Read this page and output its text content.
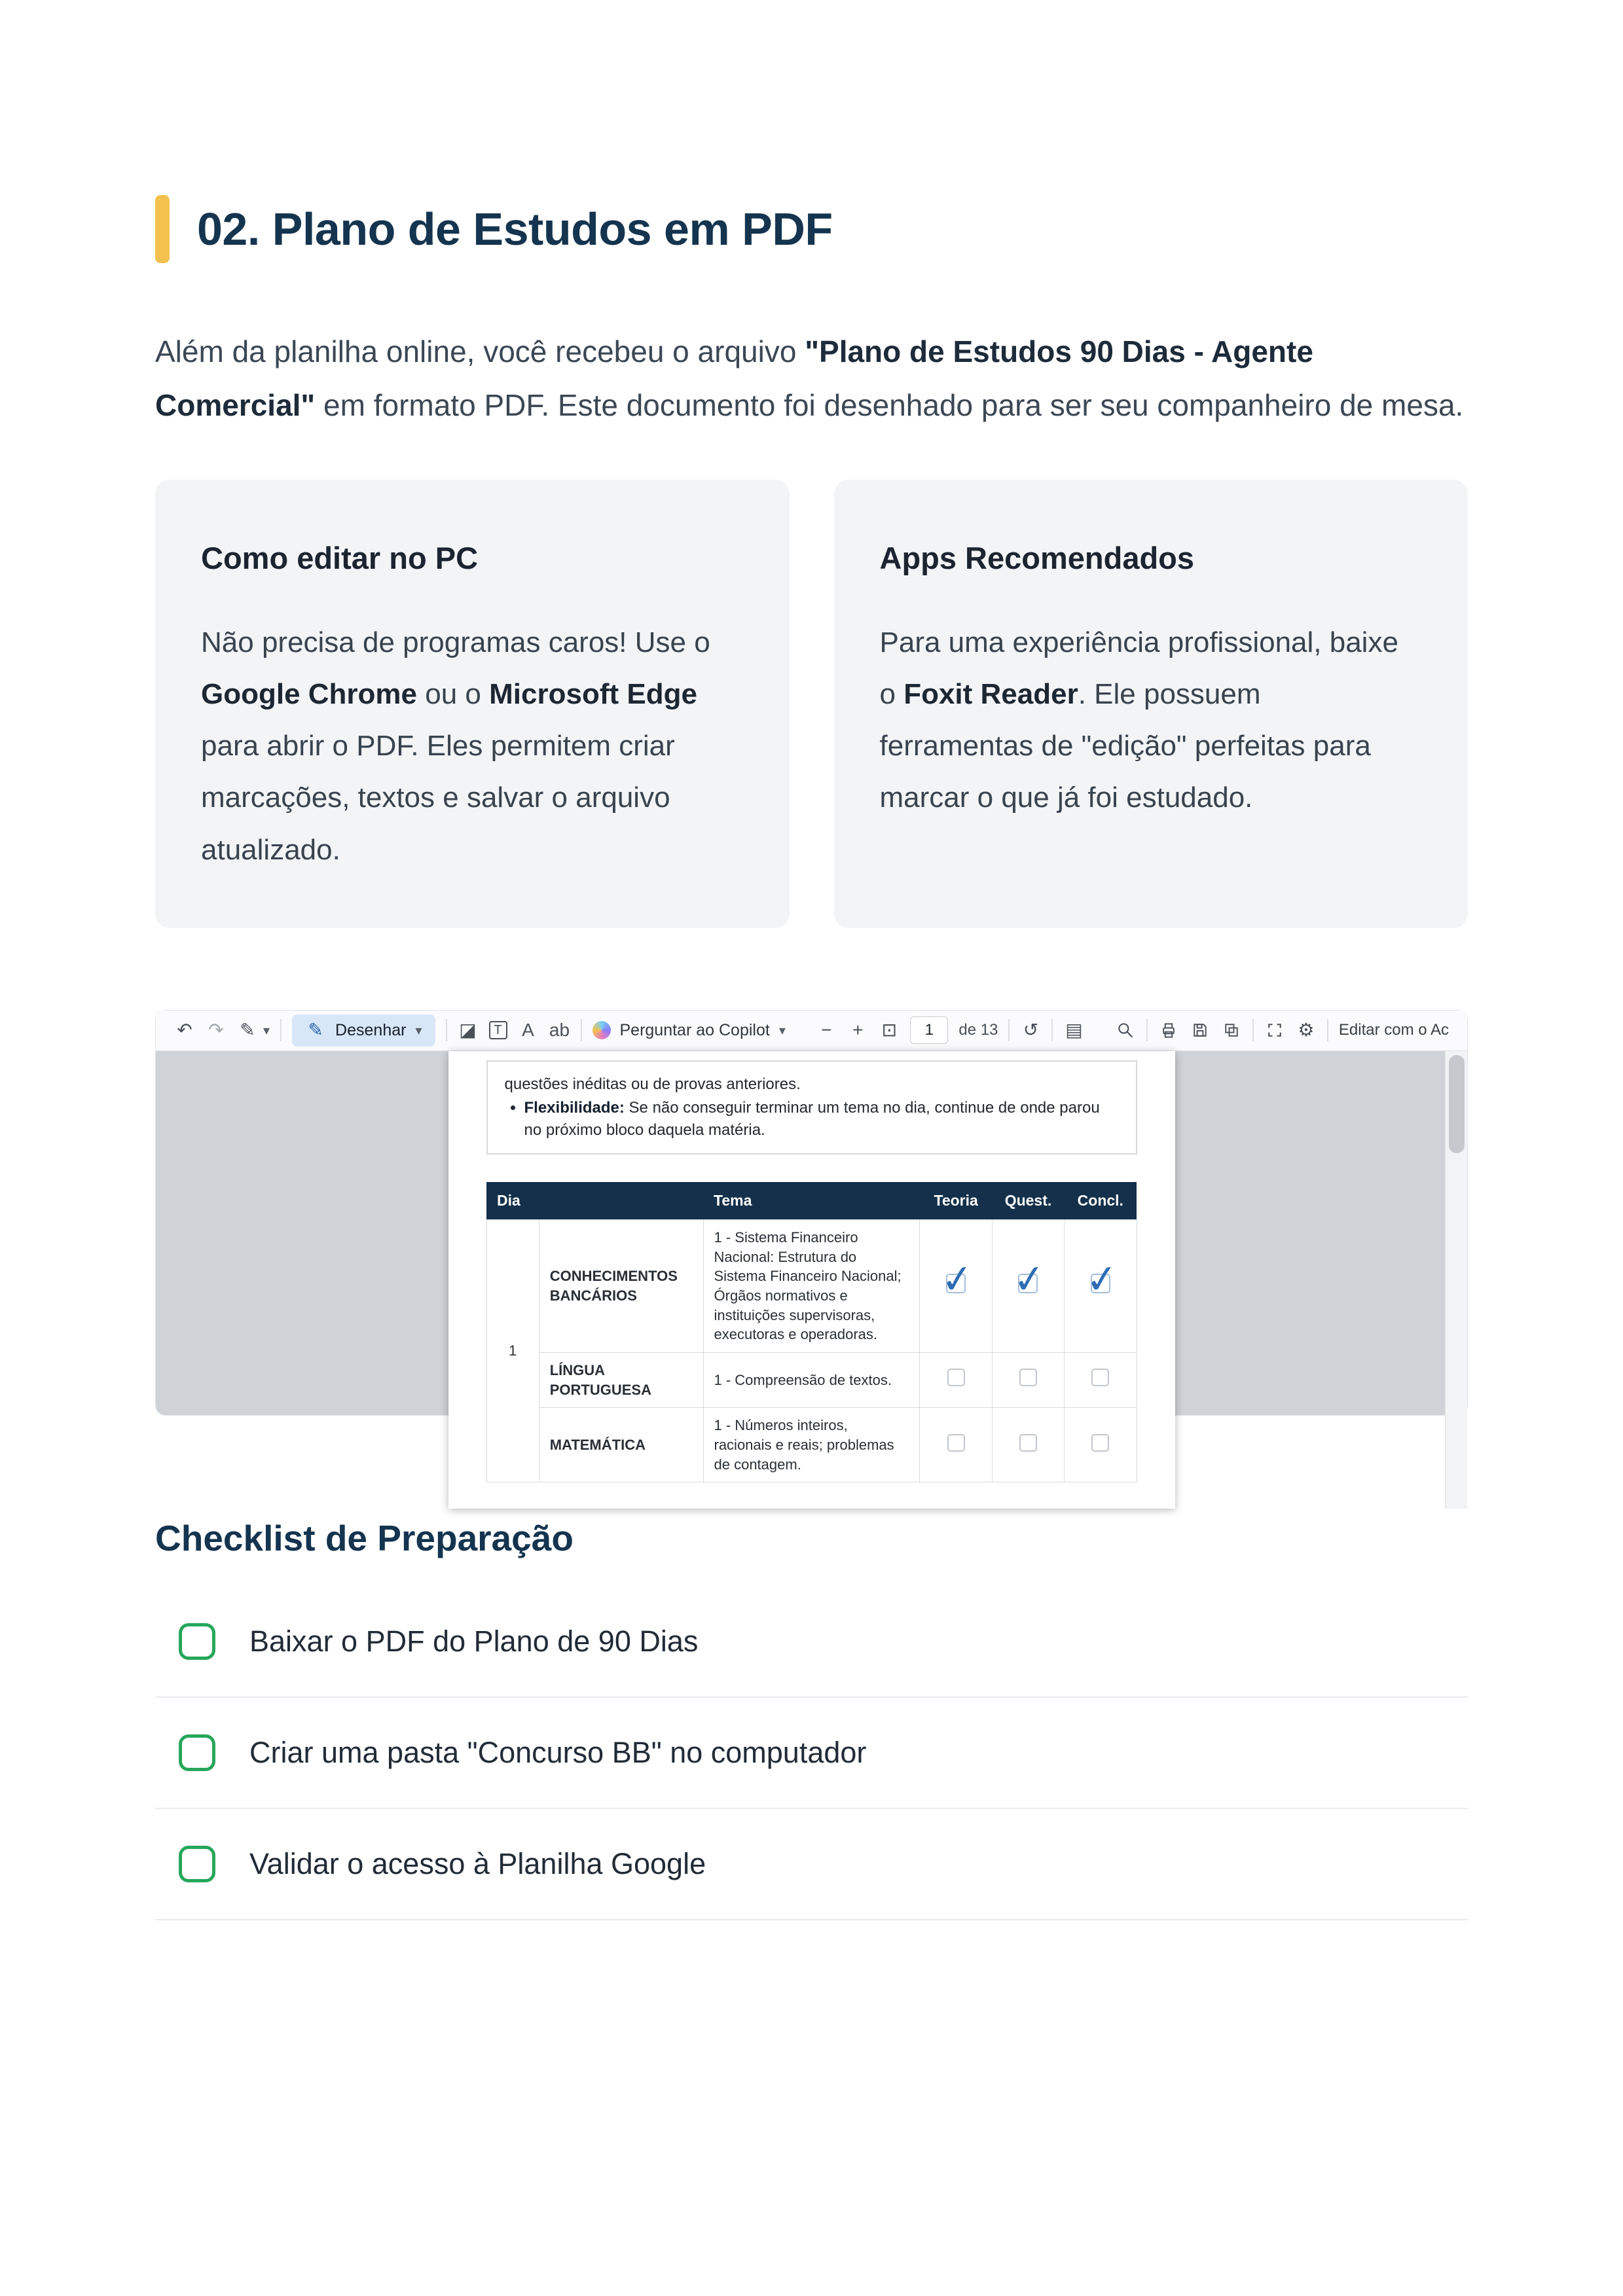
02. Plano de Estudos em PDF

Além da planilha online, você recebeu o arquivo "Plano de Estudos 90 Dias - Agente Comercial" em formato PDF. Este documento foi desenhado para ser seu companheiro de mesa.

Como editar no PC

Não precisa de programas caros! Use o Google Chrome ou o Microsoft Edge para abrir o PDF. Eles permitem criar marcações, textos e salvar o arquivo atualizado.

Apps Recomendados

Para uma experiência profissional, baixe o Foxit Reader. Ele possuem ferramentas de "edição" perfeitas para marcar o que já foi estudado.

↶ ↷ ✎ ▾ ✎ Desenhar ▾ ◪	T A ab	Perguntar ao Copilot ▾ − + ⊡	1	de 13 ↺ ▤	⚙ Editar com o Ac
questões inéditas ou de provas anteriores.
• Flexibilidade: Se não conseguir terminar um tema no dia, continue de onde parou no próximo bloco daquela matéria.
Dia		Tema	Teoria	Quest.	Concl.
1	CONHECIMENTOS BANCÁRIOS	1 - Sistema Financeiro Nacional: Estrutura do Sistema Financeiro Nacional; Órgãos normativos e instituições supervisoras, executoras e operadoras.	✓	✓	✓

	LÍNGUA PORTUGUESA	1 - Compreensão de textos.			
	MATEMÁTICA	1 - Números inteiros, racionais e reais; problemas de contagem.			
Checklist de Preparação
Baixar o PDF do Plano de 90 Dias
Criar uma pasta "Concurso BB" no computador
Validar o acesso à Planilha Google
